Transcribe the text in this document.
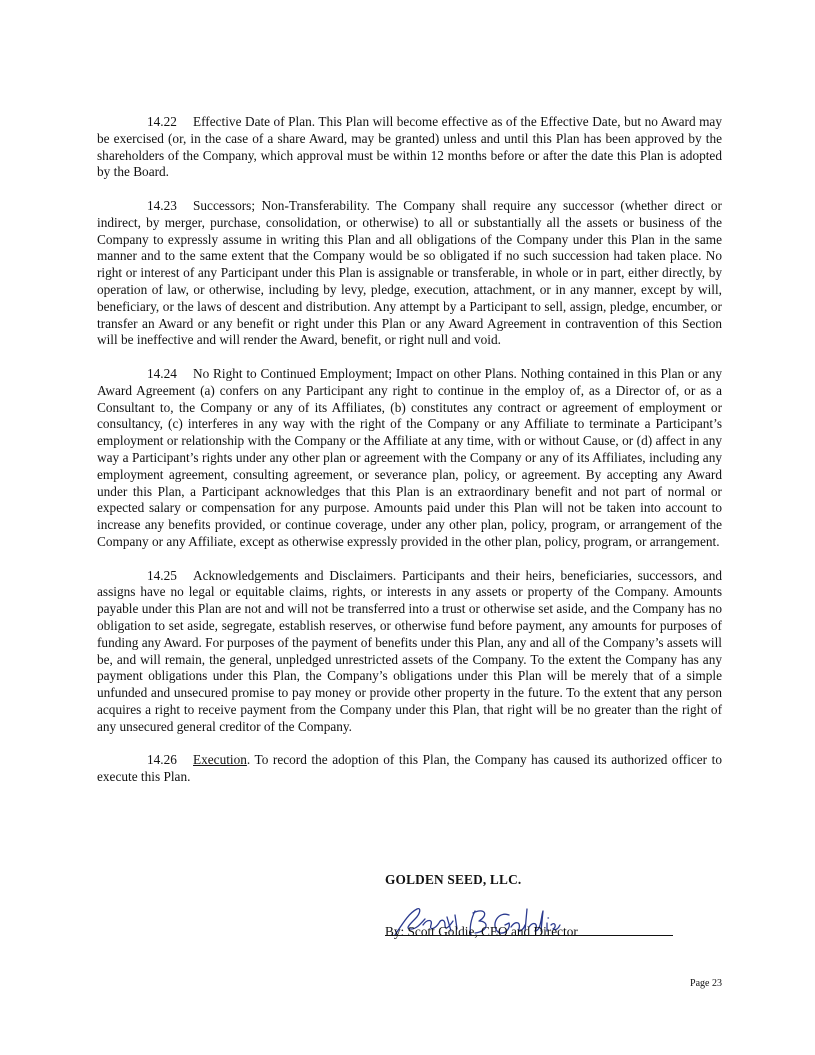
14.22 Effective Date of Plan. This Plan will become effective as of the Effective Date, but no Award may be exercised (or, in the case of a share Award, may be granted) unless and until this Plan has been approved by the shareholders of the Company, which approval must be within 12 months before or after the date this Plan is adopted by the Board.

14.23 Successors; Non-Transferability. The Company shall require any successor (whether direct or indirect, by merger, purchase, consolidation, or otherwise) to all or substantially all the assets or business of the Company to expressly assume in writing this Plan and all obligations of the Company under this Plan in the same manner and to the same extent that the Company would be so obligated if no such succession had taken place. No right or interest of any Participant under this Plan is assignable or transferable, in whole or in part, either directly, by operation of law, or otherwise, including by levy, pledge, execution, attachment, or in any manner, except by will, beneficiary, or the laws of descent and distribution. Any attempt by a Participant to sell, assign, pledge, encumber, or transfer an Award or any benefit or right under this Plan or any Award Agreement in contravention of this Section will be ineffective and will render the Award, benefit, or right null and void.

14.24 No Right to Continued Employment; Impact on other Plans. Nothing contained in this Plan or any Award Agreement (a) confers on any Participant any right to continue in the employ of, as a Director of, or as a Consultant to, the Company or any of its Affiliates, (b) constitutes any contract or agreement of employment or consultancy, (c) interferes in any way with the right of the Company or any Affiliate to terminate a Participant’s employment or relationship with the Company or the Affiliate at any time, with or without Cause, or (d) affect in any way a Participant’s rights under any other plan or agreement with the Company or any of its Affiliates, including any employment agreement, consulting agreement, or severance plan, policy, or agreement. By accepting any Award under this Plan, a Participant acknowledges that this Plan is an extraordinary benefit and not part of normal or expected salary or compensation for any purpose. Amounts paid under this Plan will not be taken into account to increase any benefits provided, or continue coverage, under any other plan, policy, program, or arrangement of the Company or any Affiliate, except as otherwise expressly provided in the other plan, policy, program, or arrangement.

14.25 Acknowledgements and Disclaimers. Participants and their heirs, beneficiaries, successors, and assigns have no legal or equitable claims, rights, or interests in any assets or property of the Company. Amounts payable under this Plan are not and will not be transferred into a trust or otherwise set aside, and the Company has no obligation to set aside, segregate, establish reserves, or otherwise fund before payment, any amounts for purposes of funding any Award. For purposes of the payment of benefits under this Plan, any and all of the Company’s assets will be, and will remain, the general, unpledged unrestricted assets of the Company. To the extent the Company has any payment obligations under this Plan, the Company’s obligations under this Plan will be merely that of a simple unfunded and unsecured promise to pay money or provide other property in the future. To the extent that any person acquires a right to receive payment from the Company under this Plan, that right will be no greater than the right of any unsecured general creditor of the Company.

14.26 Execution. To record the adoption of this Plan, the Company has caused its authorized officer to execute this Plan.

GOLDEN SEED, LLC.

By: Scott Goldie, CEO and Director

Page 23
